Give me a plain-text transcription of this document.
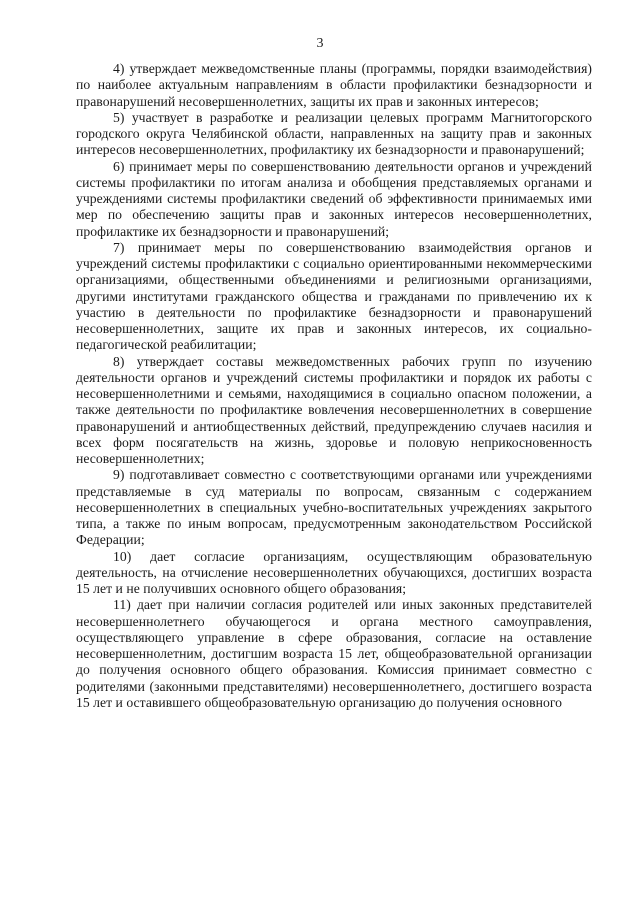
3

4) утверждает межведомственные планы (программы, порядки взаимодействия) по наиболее актуальным направлениям в области профилактики безнадзорности и правонарушений несовершеннолетних, защиты их прав и законных интересов;

5) участвует в разработке и реализации целевых программ Магнитогорского городского округа Челябинской области, направленных на защиту прав и законных интересов несовершеннолетних, профилактику их безнадзорности и правонарушений;

6) принимает меры по совершенствованию деятельности органов и учреждений системы профилактики по итогам анализа и обобщения представляемых органами и учреждениями системы профилактики сведений об эффективности принимаемых ими мер по обеспечению защиты прав и законных интересов несовершеннолетних, профилактике их безнадзорности и правонарушений;

7) принимает меры по совершенствованию взаимодействия органов и учреждений системы профилактики с социально ориентированными некоммерческими организациями, общественными объединениями и религиозными организациями, другими институтами гражданского общества и гражданами по привлечению их к участию в деятельности по профилактике безнадзорности и правонарушений несовершеннолетних, защите их прав и законных интересов, их социально-педагогической реабилитации;

8) утверждает составы межведомственных рабочих групп по изучению деятельности органов и учреждений системы профилактики и порядок их работы с несовершеннолетними и семьями, находящимися в социально опасном положении, а также деятельности по профилактике вовлечения несовершеннолетних в совершение правонарушений и антиобщественных действий, предупреждению случаев насилия и всех форм посягательств на жизнь, здоровье и половую неприкосновенность несовершеннолетних;

9) подготавливает совместно с соответствующими органами или учреждениями представляемые в суд материалы по вопросам, связанным с содержанием несовершеннолетних в специальных учебно-воспитательных учреждениях закрытого типа, а также по иным вопросам, предусмотренным законодательством Российской Федерации;

10) дает согласие организациям, осуществляющим образовательную деятельность, на отчисление несовершеннолетних обучающихся, достигших возраста 15 лет и не получивших основного общего образования;

11) дает при наличии согласия родителей или иных законных представителей несовершеннолетнего обучающегося и органа местного самоуправления, осуществляющего управление в сфере образования, согласие на оставление несовершеннолетним, достигшим возраста 15 лет, общеобразовательной организации до получения основного общего образования. Комиссия принимает совместно с родителями (законными представителями) несовершеннолетнего, достигшего возраста 15 лет и оставившего общеобразовательную организацию до получения основного
